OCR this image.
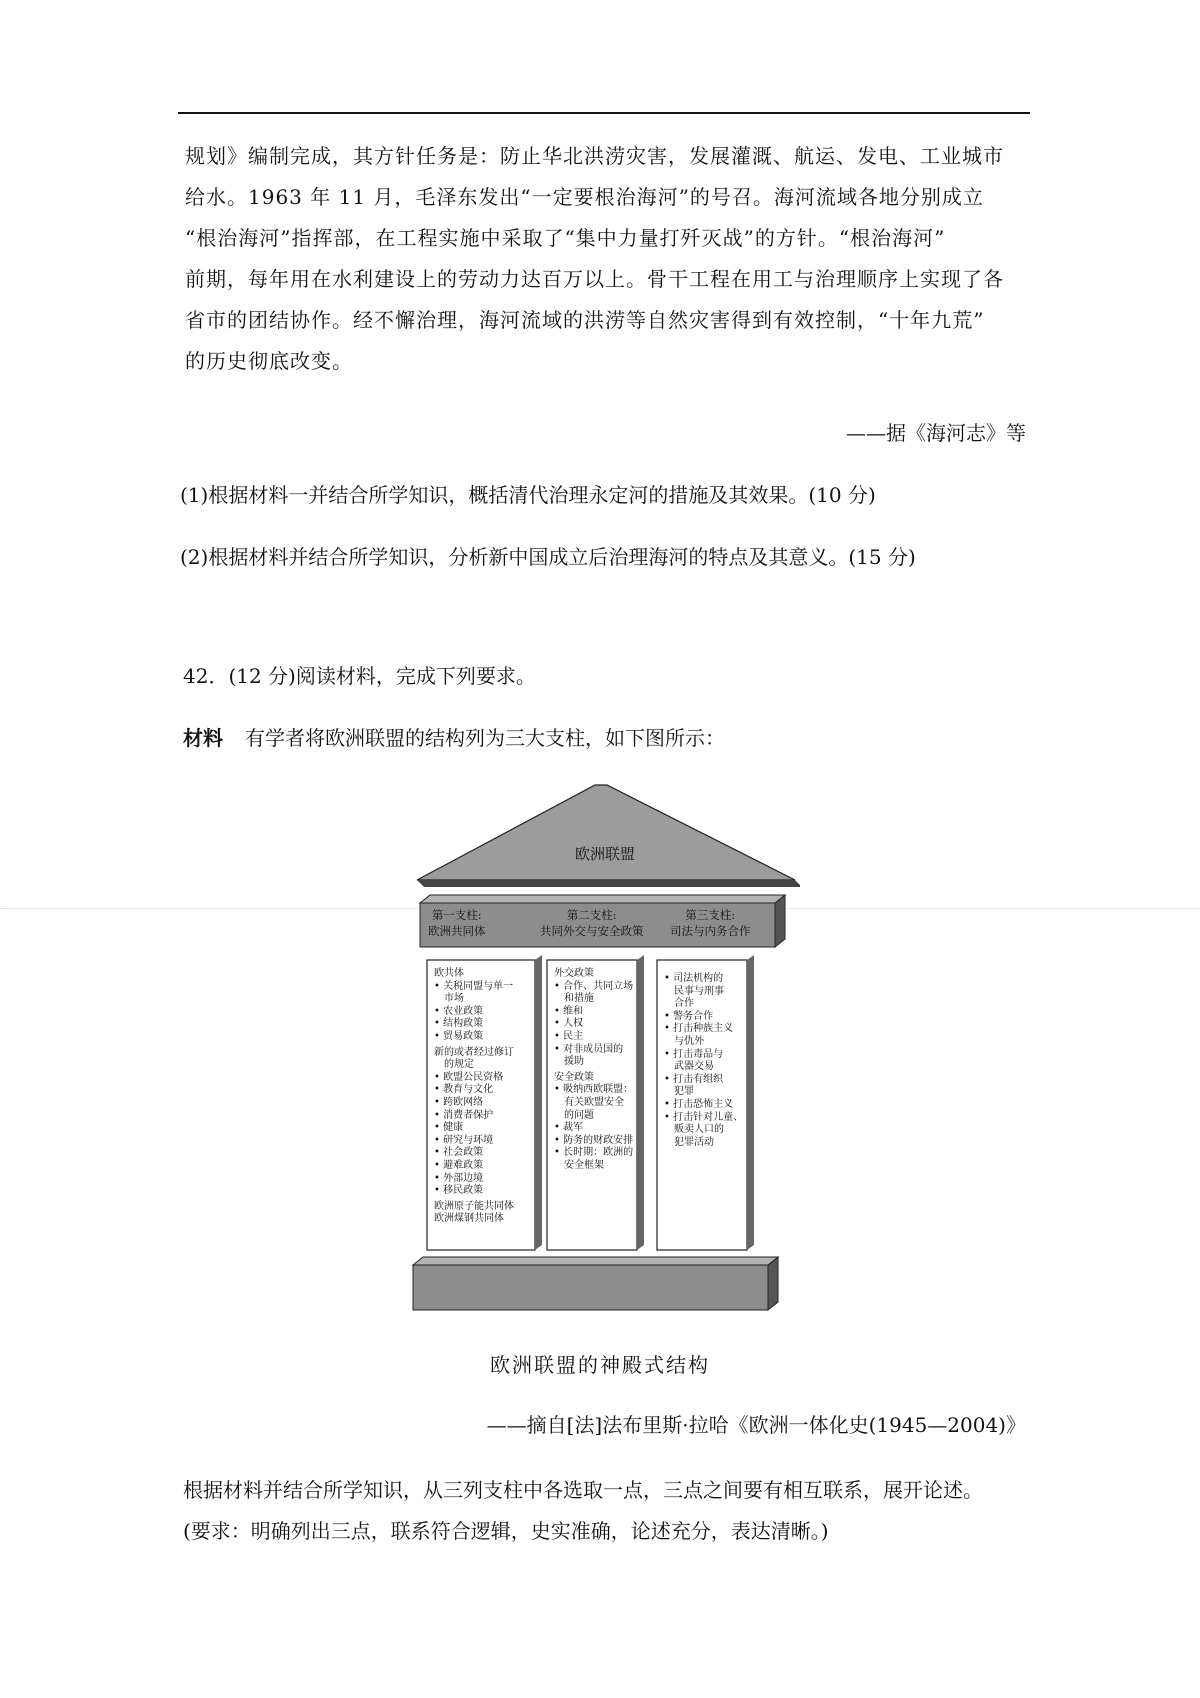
规划》编制完成，其方针任务是：防止华北洪涝灾害，发展灌溉、航运、发电、工业城市

给水。1963 年 11 月，毛泽东发出“一定要根治海河”的号召。海河流域各地分别成立

“根治海河”指挥部，在工程实施中采取了“集中力量打歼灭战”的方针。“根治海河”

前期，每年用在水利建设上的劳动力达百万以上。骨干工程在用工与治理顺序上实现了各

省市的团结协作。经不懈治理，海河流域的洪涝等自然灾害得到有效控制，“十年九荒”

的历史彻底改变。

——据《海河志》等
(1)根据材料一并结合所学知识，概括清代治理永定河的措施及其效果。(10 分)
(2)根据材料并结合所学知识，分析新中国成立后治理海河的特点及其意义。(15 分)
42．(12 分)阅读材料，完成下列要求。
材料 有学者将欧洲联盟的结构列为三大支柱，如下图所示：
欧洲联盟
第一支柱:
欧洲共同体
第二支柱:
共同外交与安全政策
第三支柱:
司法与内务合作
欧共体
• 关税同盟与单一
市场
• 农业政策
• 结构政策
• 贸易政策
新的或者经过修订
的规定
• 欧盟公民资格
• 教育与文化
• 跨欧网络
• 消费者保护
• 健康
• 研究与环境
• 社会政策
• 避难政策
• 外部边境
• 移民政策
欧洲原子能共同体
欧洲煤钢共同体
外交政策
• 合作、共同立场
和措施
• 维和
• 人权
• 民主
• 对非成员国的
援助
安全政策
• 吸纳西欧联盟：
有关欧盟安全
的问题
• 裁军
• 防务的财政安排
• 长时期：欧洲的
安全框架
• 司法机构的
民事与刑事
合作
• 警务合作
• 打击种族主义
与仇外
• 打击毒品与
武器交易
• 打击有组织
犯罪
• 打击恐怖主义
• 打击针对儿童、
贩卖人口的
犯罪活动
欧洲联盟的神殿式结构
——摘自[法]法布里斯·拉哈《欧洲一体化史(1945—2004)》
根据材料并结合所学知识，从三列支柱中各选取一点，三点之间要有相互联系，展开论述。
(要求：明确列出三点，联系符合逻辑，史实准确，论述充分，表达清晰。)
